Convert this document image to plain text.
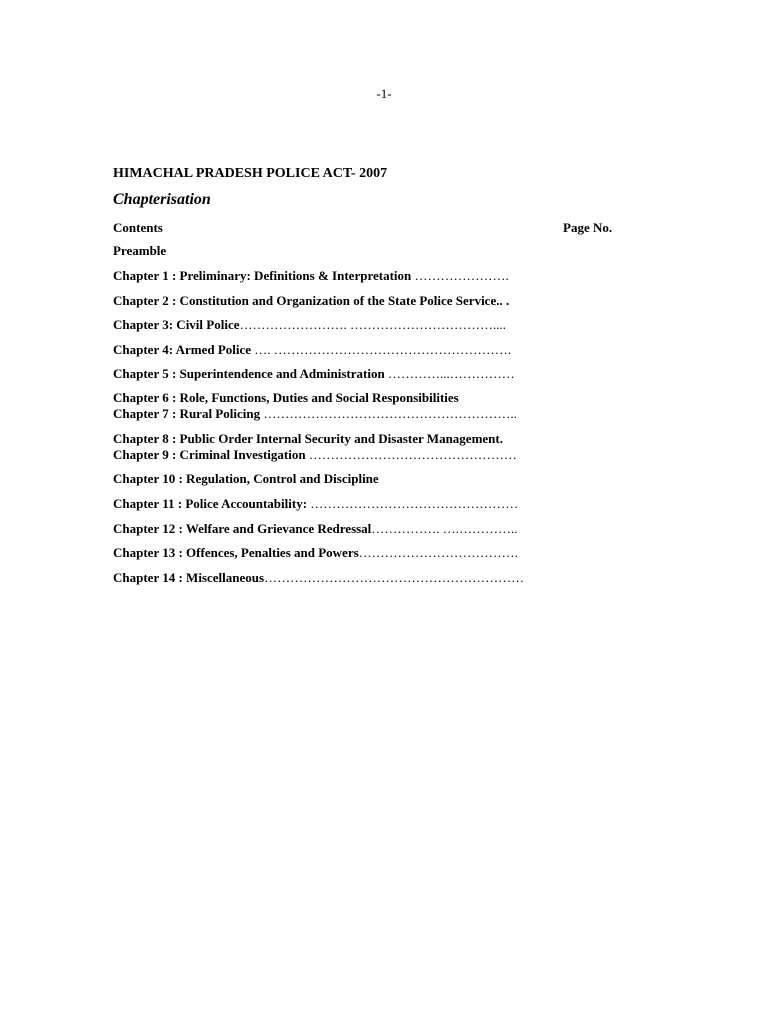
-1-
HIMACHAL PRADESH POLICE ACT- 2007
Chapterisation
Contents	Page No.
Preamble
Chapter 1 : Preliminary: Definitions & Interpretation ………………….
Chapter 2 : Constitution and Organization of the State Police Service.. .
Chapter 3: Civil Police……………………. ……………………………....
Chapter 4: Armed Police …. ……………………………………………….
Chapter 5 : Superintendence and Administration …………...……………
Chapter 6 : Role, Functions, Duties and Social Responsibilities
Chapter 7 : Rural Policing …………………………………………………..
Chapter 8 : Public Order Internal Security and Disaster Management.
Chapter 9 : Criminal Investigation …………………………………………
Chapter 10 : Regulation, Control and Discipline
Chapter 11 : Police Accountability: …………………………………………
Chapter 12 : Welfare and Grievance Redressal……………. ….…………..
Chapter 13 : Offences, Penalties and Powers……………………………….
Chapter 14 : Miscellaneous……………………………………………………
